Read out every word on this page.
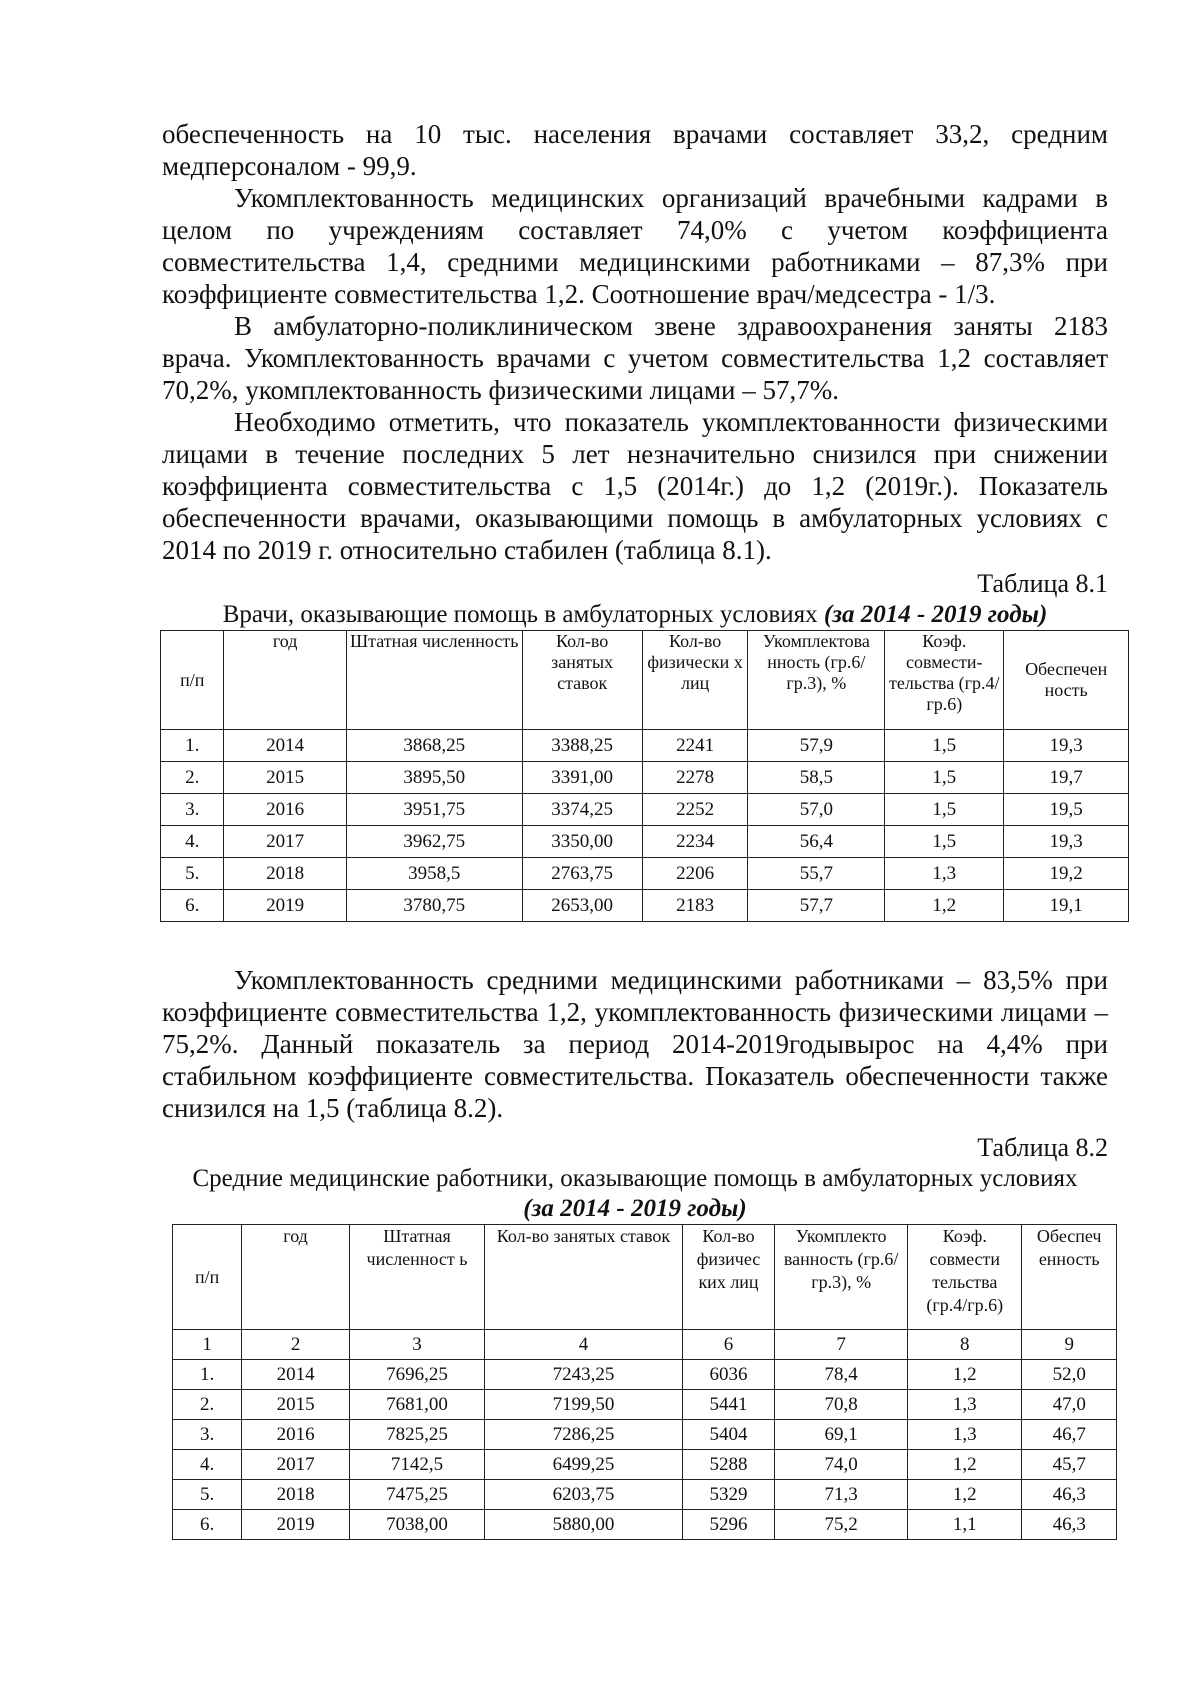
обеспеченность на 10 тыс. населения врачами составляет 33,2, средним медперсоналом - 99,9.

Укомплектованность медицинских организаций врачебными кадрами в целом по учреждениям составляет 74,0% с учетом коэффициента совместительства 1,4, средними медицинскими работниками – 87,3% при коэффициенте совместительства 1,2. Соотношение врач/медсестра - 1/3.

В амбулаторно-поликлиническом звене здравоохранения заняты 2183 врача. Укомплектованность врачами с учетом совместительства 1,2 составляет 70,2%, укомплектованность физическими лицами – 57,7%.

Необходимо отметить, что показатель укомплектованности физическими лицами в течение последних 5 лет незначительно снизился при снижении коэффициента совместительства с 1,5 (2014г.) до 1,2 (2019г.). Показатель обеспеченности врачами, оказывающими помощь в амбулаторных условиях с 2014 по 2019 г. относительно стабилен (таблица 8.1).

Таблица 8.1
Врачи, оказывающие помощь в амбулаторных условиях (за 2014 - 2019 годы)
п/п	год	Штатная численность	Кол-во занятых ставок	Кол-во физически х лиц	Укомплектова нность (гр.6/гр.3), %	Коэф. совмести- тельства (гр.4/гр.6)	Обеспечен ность
1.	2014	3868,25	3388,25	2241	57,9	1,5	19,3
2.	2015	3895,50	3391,00	2278	58,5	1,5	19,7
3.	2016	3951,75	3374,25	2252	57,0	1,5	19,5
4.	2017	3962,75	3350,00	2234	56,4	1,5	19,3
5.	2018	3958,5	2763,75	2206	55,7	1,3	19,2
6.	2019	3780,75	2653,00	2183	57,7	1,2	19,1

Укомплектованность средними медицинскими работниками – 83,5% при коэффициенте совместительства 1,2, укомплектованность физическими лицами – 75,2%. Данный показатель за период 2014-2019годывырос на 4,4% при стабильном коэффициенте совместительства. Показатель обеспеченности также снизился на 1,5 (таблица 8.2).

Таблица 8.2
Средние медицинские работники, оказывающие помощь в амбулаторных условиях
(за 2014 - 2019 годы)
п/п	год	Штатная численност ь	Кол-во занятых ставок	Кол-во физичес ких лиц	Укомплекто ванность (гр.6/гр.3), %	Коэф. совмести тельства (гр.4/гр.6)	Обеспеч енность
1	2	3	4	6	7	8	9
1.	2014	7696,25	7243,25	6036	78,4	1,2	52,0
2.	2015	7681,00	7199,50	5441	70,8	1,3	47,0
3.	2016	7825,25	7286,25	5404	69,1	1,3	46,7
4.	2017	7142,5	6499,25	5288	74,0	1,2	45,7
5.	2018	7475,25	6203,75	5329	71,3	1,2	46,3
6.	2019	7038,00	5880,00	5296	75,2	1,1	46,3
